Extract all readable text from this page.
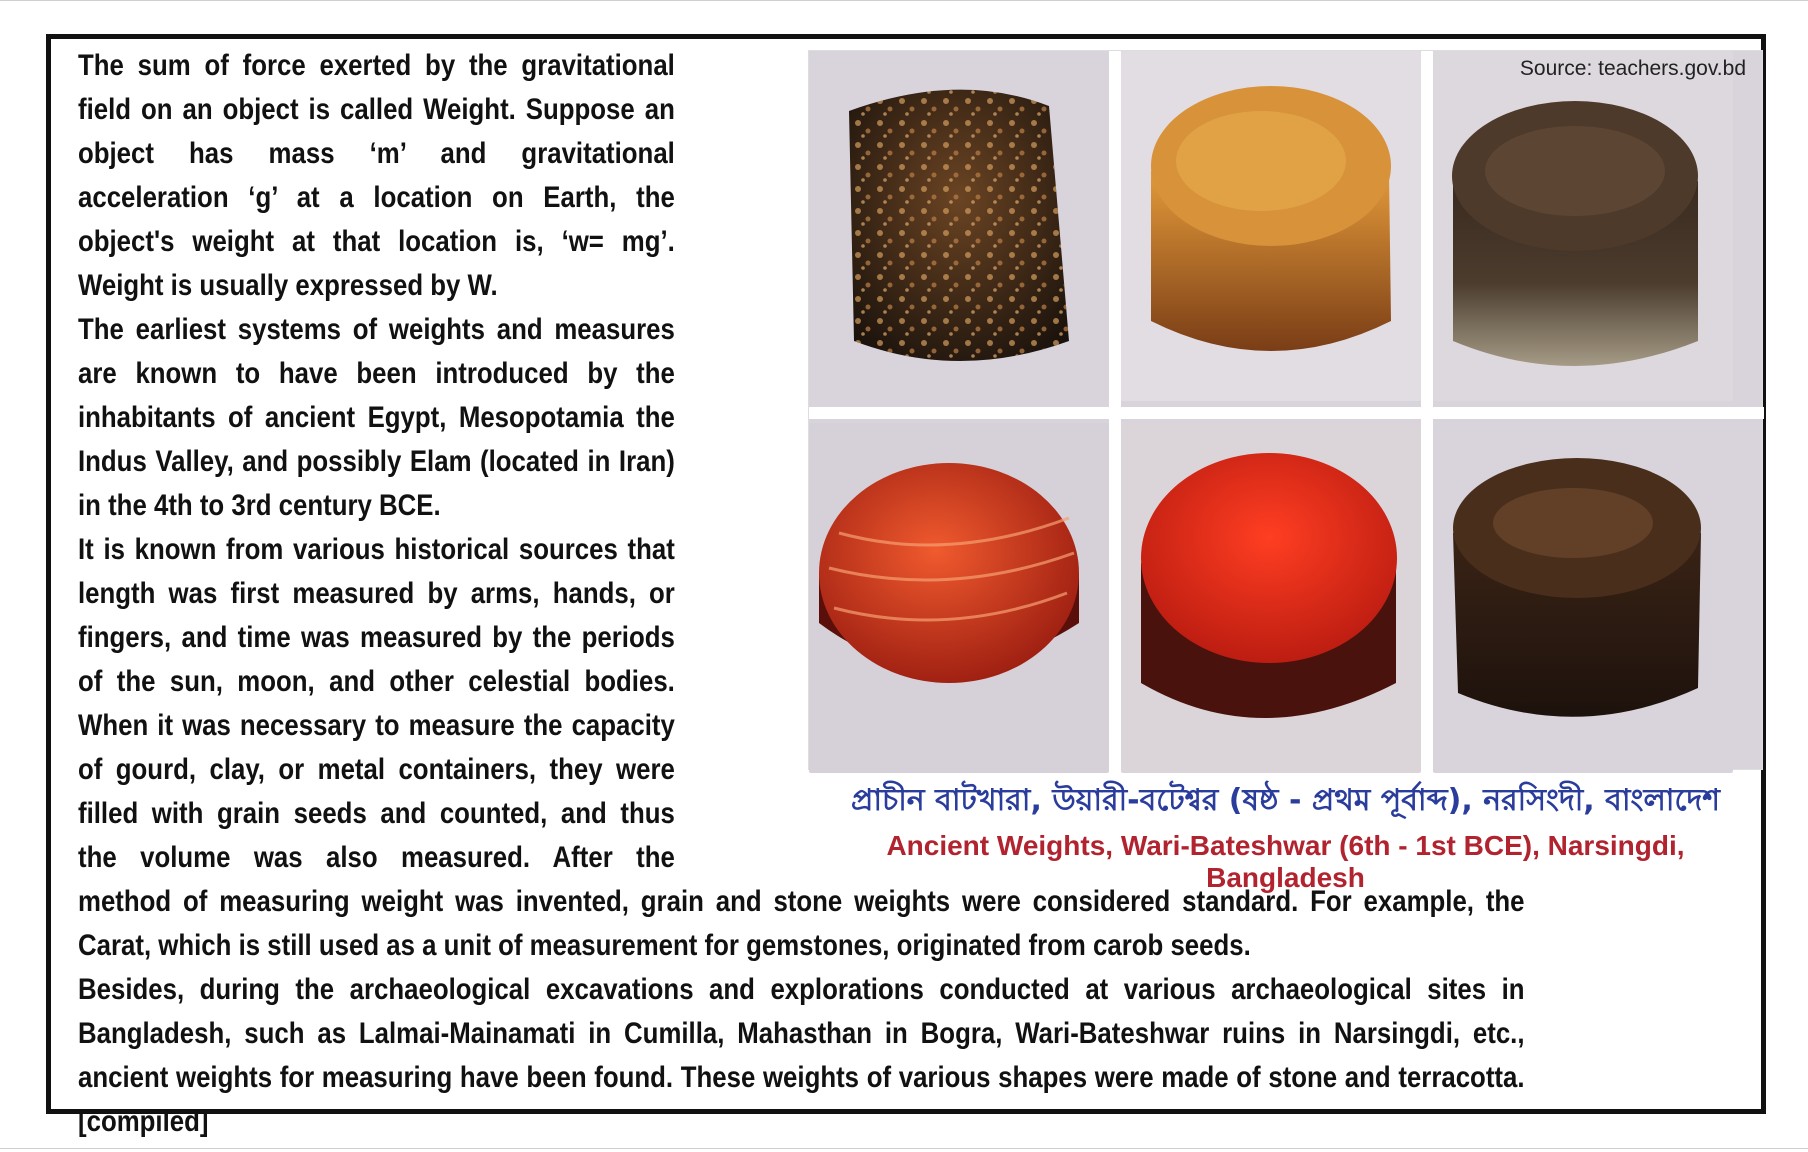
The sum of force exerted by the gravitational field on an object is called Weight. Suppose an object has mass ‘m’ and gravitational acceleration ‘g’ at a location on Earth, the object's weight at that location is, ‘w= mg’. Weight is usually expressed by W.

The earliest systems of weights and measures are known to have been introduced by the inhabitants of ancient Egypt, Mesopotamia the Indus Valley, and possibly Elam (located in Iran) in the 4th to 3rd century BCE.

It is known from various historical sources that length was first measured by arms, hands, or fingers, and time was measured by the periods of the sun, moon, and other celestial bodies. When it was necessary to measure the capacity of gourd, clay, or metal containers, they were filled with grain seeds and counted, and thus the volume was also measured. After the method of measuring weight was invented, grain and stone weights were considered standard. For example, the Carat, which is still used as a unit of measurement for gemstones, originated from carob seeds.

Besides, during the archaeological excavations and explorations conducted at various archaeological sites in Bangladesh, such as Lalmai-Mainamati in Cumilla, Mahasthan in Bogra, Wari-Bateshwar ruins in Narsingdi, etc., ancient weights for measuring have been found. These weights of various shapes were made of stone and terracotta. [compiled]

Source: teachers.gov.bd
প্রাচীন বাটখারা, উয়ারী-বটেশ্বর (ষষ্ঠ - প্রথম পূর্বাব্দ), নরসিংদী, বাংলাদেশ
Ancient Weights, Wari-Bateshwar (6th - 1st BCE), Narsingdi, Bangladesh
